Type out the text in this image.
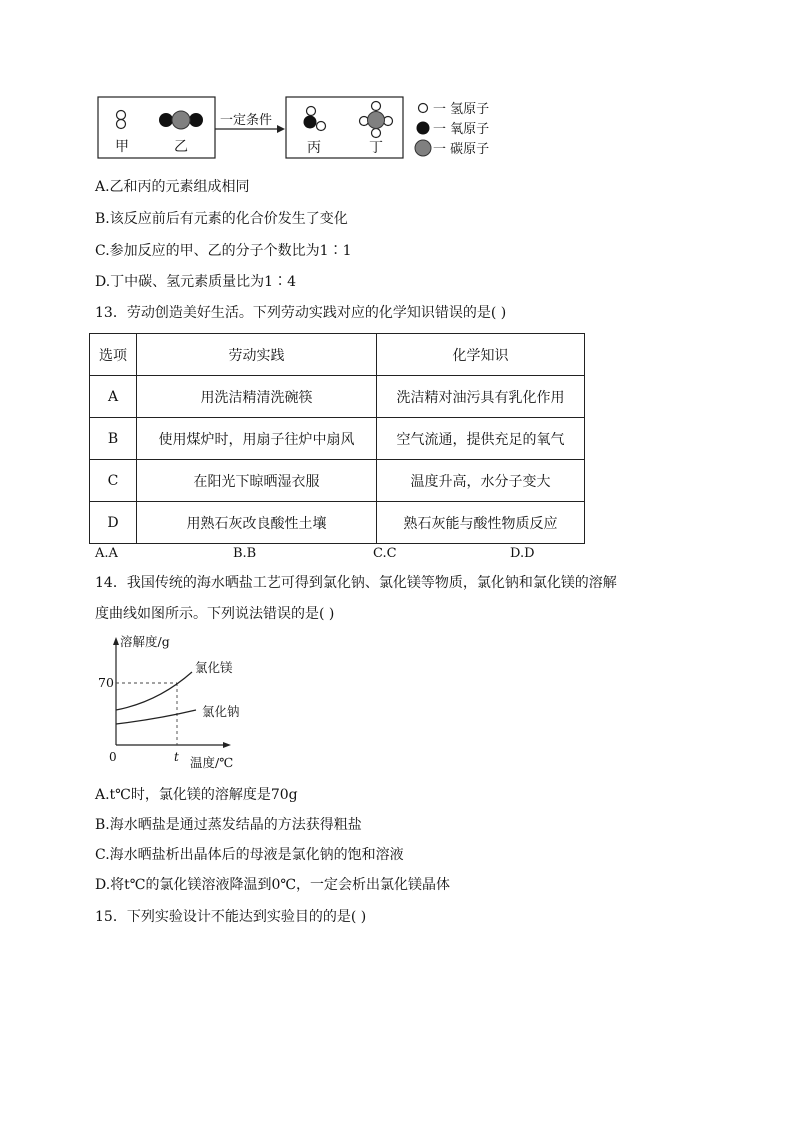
甲	乙
一定条件
丙	丁
一 氢原子
一 氧原子
一 碳原子
A.乙和丙的元素组成相同
B.该反应前后有元素的化合价发生了变化
C.参加反应的甲、乙的分子个数比为1∶1
D.丁中碳、氢元素质量比为1∶4
13．劳动创造美好生活。下列劳动实践对应的化学知识错误的是( )
选项	劳动实践	化学知识
A	用洗洁精清洗碗筷	洗洁精对油污具有乳化作用
B	使用煤炉时，用扇子往炉中扇风	空气流通，提供充足的氧气
C	在阳光下晾晒湿衣服	温度升高，水分子变大
D	用熟石灰改良酸性土壤	熟石灰能与酸性物质反应
A.A	B.B	C.C	D.D
14．我国传统的海水晒盐工艺可得到氯化钠、氯化镁等物质，氯化钠和氯化镁的溶解
度曲线如图所示。下列说法错误的是( )
溶解度/g
温度/℃
70
0	t
氯化镁
氯化钠
A.t℃时，氯化镁的溶解度是70g
B.海水晒盐是通过蒸发结晶的方法获得粗盐
C.海水晒盐析出晶体后的母液是氯化钠的饱和溶液
D.将t℃的氯化镁溶液降温到0℃，一定会析出氯化镁晶体
15．下列实验设计不能达到实验目的的是( )
